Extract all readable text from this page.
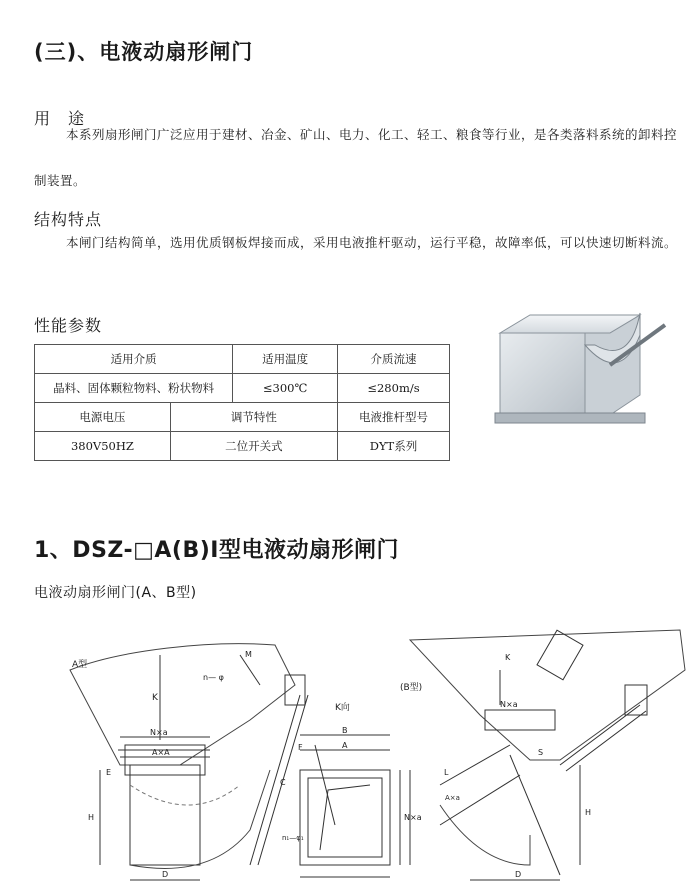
(三)、电液动扇形闸门
用　途
本系列扇形闸门广泛应用于建材、冶金、矿山、电力、化工、轻工、粮食等行业，是各类落料系统的卸料控制装置。
结构特点
本闸门结构简单，选用优质钢板焊接而成，采用电液推杆驱动，运行平稳，故障率低，可以快速切断料流。
性能参数
适用介质		适用温度	介质流速
晶料、固体颗粒物料、粉状物料		≤300℃	≤280m/s
电源电压	调节特性		电液推杆型号
380V50HZ	二位开关式		DYT系列
1、DSZ-□A(B)Ⅰ型电液动扇形闸门
电液动扇形闸门(A、B型)
A型
K
n— φ
N×a
A×A
H
D
E
C
F
M
K向
B
A
N×a
n₁—φ₁
(B型)
K
N×a
A×a
L
S
H
D
